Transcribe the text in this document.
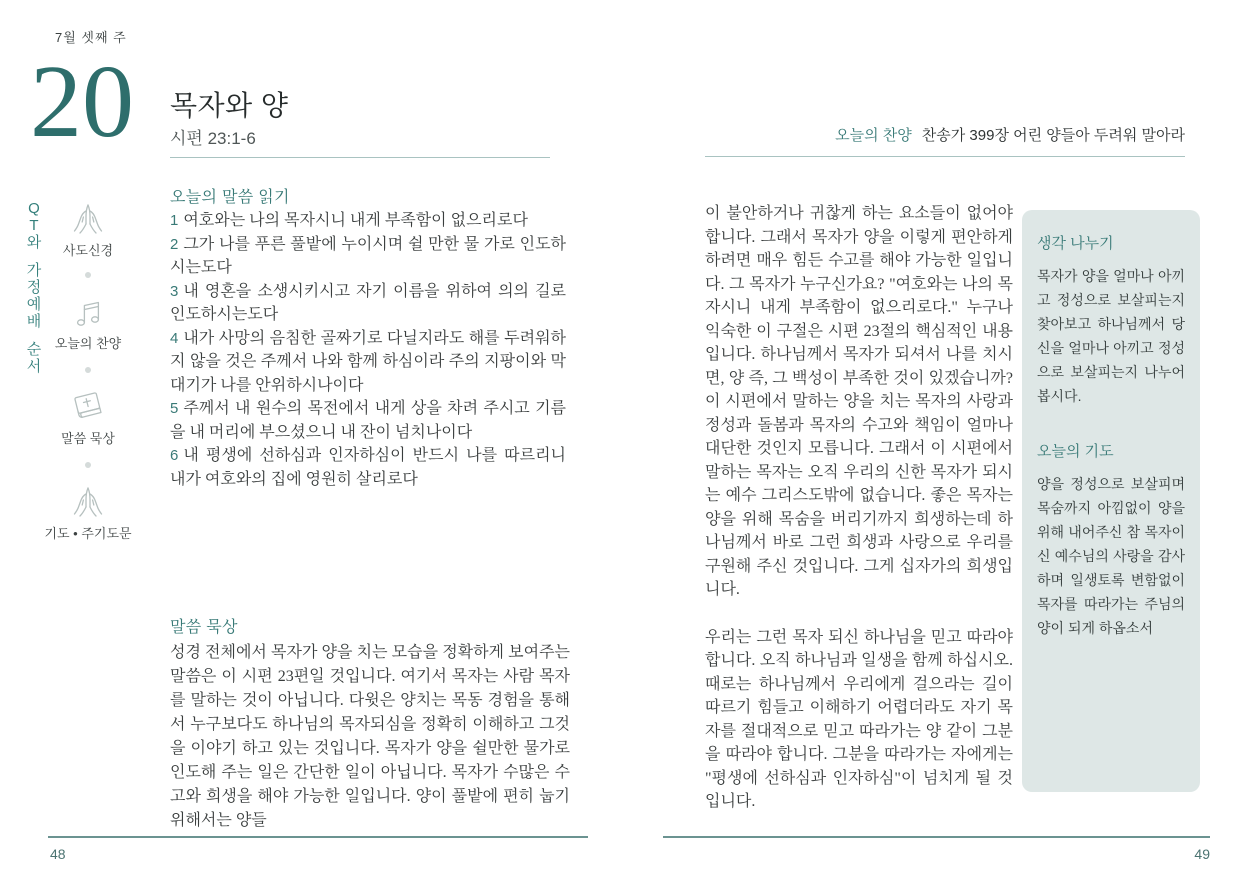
7월 셋째 주
20 목자와 양
시편 23:1-6
Q
T
와
가
정
예
배
순
서
사도신경
오늘의 찬양
말씀 묵상
기도 • 주기도문
오늘의 말씀 읽기
1 여호와는 나의 목자시니 내게 부족함이 없으리로다
2 그가 나를 푸른 풀밭에 누이시며 쉴 만한 물 가로 인도하시는도다
3 내 영혼을 소생시키시고 자기 이름을 위하여 의의 길로 인도하시는도다
4 내가 사망의 음침한 골짜기로 다닐지라도 해를 두려워하지 않을 것은 주께서 나와 함께 하심이라 주의 지팡이와 막대기가 나를 안위하시나이다
5 주께서 내 원수의 목전에서 내게 상을 차려 주시고 기름을 내 머리에 부으셨으니 내 잔이 넘치나이다
6 내 평생에 선하심과 인자하심이 반드시 나를 따르리니 내가 여호와의 집에 영원히 살리로다
말씀 묵상
성경 전체에서 목자가 양을 치는 모습을 정확하게 보여주는 말씀은 이 시편 23편일 것입니다. 여기서 목자는 사람 목자를 말하는 것이 아닙니다. 다윗은 양치는 목동 경험을 통해서 누구보다도 하나님의 목자되심을 정확히 이해하고 그것을 이야기 하고 있는 것입니다. 목자가 양을 쉴만한 물가로 인도해 주는 일은 간단한 일이 아닙니다. 목자가 수많은 수고와 희생을 해야 가능한 일입니다. 양이 풀밭에 편히 눕기 위해서는 양들
48
오늘의 찬양 찬송가 399장 어린 양들아 두려워 말아라

이 불안하거나 귀찮게 하는 요소들이 없어야 합니다. 그래서 목자가 양을 이렇게 편안하게 하려면 매우 힘든 수고를 해야 가능한 일입니다. 그 목자가 누구신가요? "여호와는 나의 목자시니 내게 부족함이 없으리로다." 누구나 익숙한 이 구절은 시편 23절의 핵심적인 내용입니다. 하나님께서 목자가 되셔서 나를 치시면, 양 즉, 그 백성이 부족한 것이 있겠습니까? 이 시편에서 말하는 양을 치는 목자의 사랑과 정성과 돌봄과 목자의 수고와 책임이 얼마나 대단한 것인지 모릅니다. 그래서 이 시편에서 말하는 목자는 오직 우리의 신한 목자가 되시는 예수 그리스도밖에 없습니다. 좋은 목자는 양을 위해 목숨을 버리기까지 희생하는데 하나님께서 바로 그런 희생과 사랑으로 우리를 구원해 주신 것입니다. 그게 십자가의 희생입니다.

우리는 그런 목자 되신 하나님을 믿고 따라야 합니다. 오직 하나님과 일생을 함께 하십시오. 때로는 하나님께서 우리에게 걸으라는 길이 따르기 힘들고 이해하기 어렵더라도 자기 목자를 절대적으로 믿고 따라가는 양 같이 그분을 따라야 합니다. 그분을 따라가는 자에게는 "평생에 선하심과 인자하심"이 넘치게 될 것입니다.

생각 나누기
목자가 양을 얼마나 아끼고 정성으로 보살피는지 찾아보고 하나님께서 당신을 얼마나 아끼고 정성으로 보살피는지 나누어 봅시다.
오늘의 기도
양을 정성으로 보살피며 목숨까지 아낌없이 양을 위해 내어주신 참 목자이신 예수님의 사랑을 감사하며 일생토록 변함없이 목자를 따라가는 주님의 양이 되게 하옵소서
49
